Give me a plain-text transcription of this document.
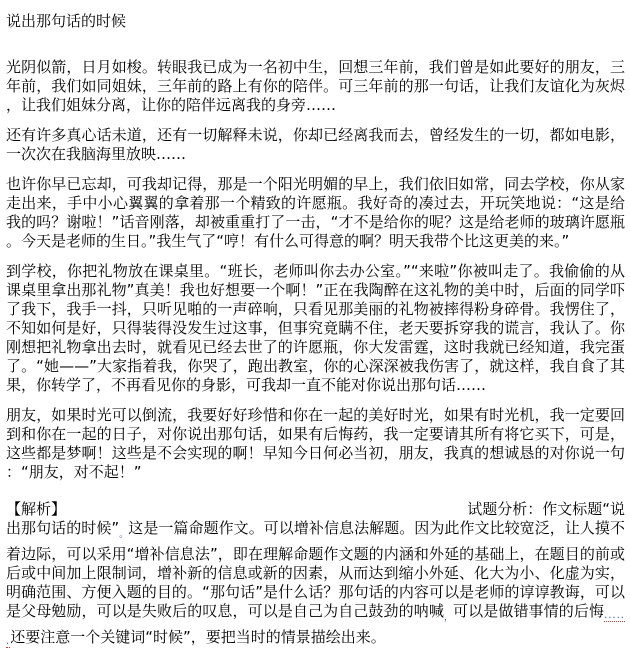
说出那句话的时候

光阴似箭，日月如梭。转眼我已成为一名初中生，回想三年前，我们曾是如此要好的朋友，三年前，我们如同姐妹，三年前的路上有你的陪伴。可三年前的那一句话，让我们友谊化为灰烬，让我们姐妹分离，让你的陪伴远离我的身旁……

还有许多真心话未道，还有一切解释未说，你却已经离我而去，曾经发生的一切，都如电影，一次次在我脑海里放映……

也许你早已忘却，可我却记得，那是一个阳光明媚的早上，我们依旧如常，同去学校，你从家走出来，手中小心翼翼的拿着那一个精致的许愿瓶。我好奇的凑过去，开玩笑地说：“这是给我的吗？谢啦！”话音刚落，却被重重打了一击，“才不是给你的呢？这是给老师的玻璃许愿瓶。今天是老师的生日。”我生气了“哼！有什么可得意的啊？明天我带个比这更美的来。”

到学校，你把礼物放在课桌里。“班长，老师叫你去办公室。”“来啦”你被叫走了。我偷偷的从课桌里拿出那礼物”真美！我也好想要一个啊！”正在我陶醉在这礼物的美中时，后面的同学吓了我下，我手一抖，只听见啪的一声碎响，只看见那美丽的礼物被摔得粉身碎骨。我愣住了，不知如何是好，只得装得没发生过这事，但事究竟瞒不住，老天要拆穿我的谎言，我认了。你刚想把礼物拿出去时，就看见已经去世了的许愿瓶，你大发雷霆，这时我就已经知道，我完蛋了。“她——”大家指着我，你哭了，跑出教室，你的心深深被我伤害了，就这样，我自食了其果，你转学了，不再看见你的身影，可我却一直不能对你说出那句话……

朋友，如果时光可以倒流，我要好好珍惜和你在一起的美好时光，如果有时光机，我一定要回到和你在一起的日子，对你说出那句话，如果有后悔药，我一定要请其所有将它买下，可是，这些都是梦啊！这些是不会实现的啊！早知今日何必当初，朋友，我真的想诚恳的对你说一句：“朋友，对不起！”

【解析】	试题分析：作文标题“说

出那句话的时候$”_。$这是一篇命题作文。可以增补信息法解题。因为此作文比较宽泛，让人摸不着边际，可以采用“增补信息法”，即在理解命题作文题的内涵和外延的基础上，在题目的前或后或中间加上限制词，增补新的信息或新的因素，从而达到缩小外延、化大为小、化虚为实，明确范围、方便入题的目的。“那句话”是什么话？那句话的内容可以是老师的谆谆教诲，可以是父母勉励，可以是失败后的叹息，可以是自己为自己鼓劲的呐喊$_,$可以是做错事情的后悔......还要注意一个关键词“时候”，要把当时的情景描绘出来。
